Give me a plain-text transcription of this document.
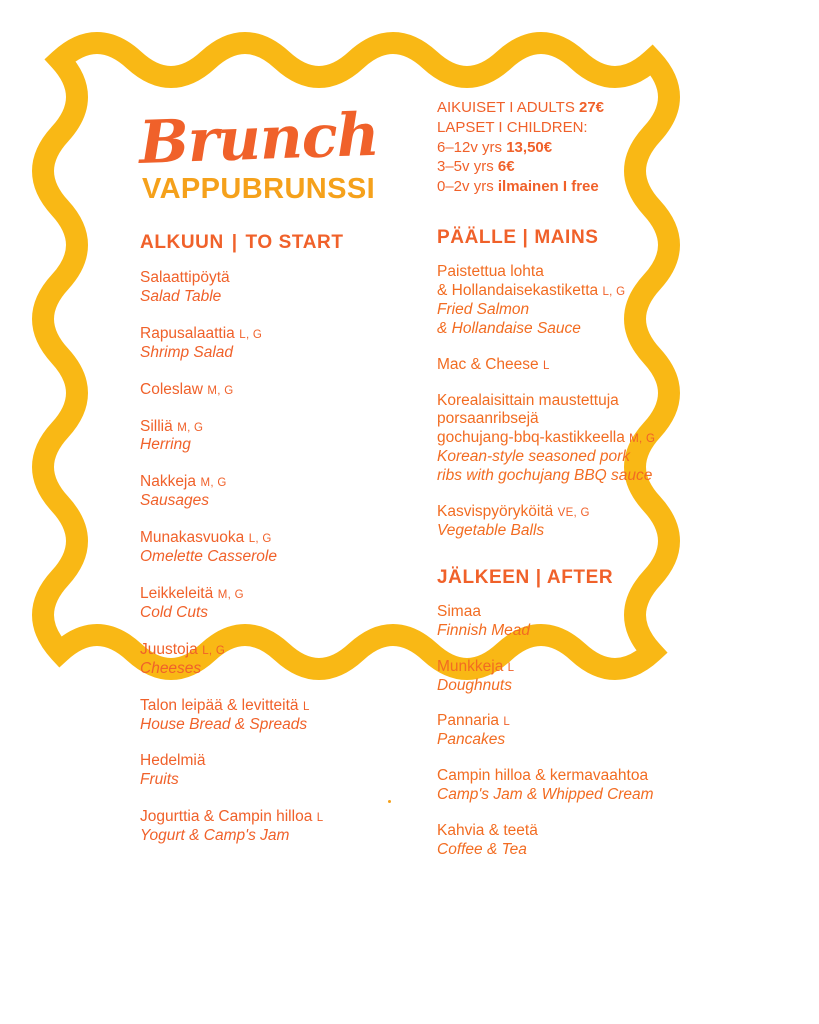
Brunch
VAPPUBRUNSSI
ALKUUN | TO START
Salaattipöytä
Salad Table
Rapusalaattia L, G
Shrimp Salad
Coleslaw M, G
Silliä M, G
Herring
Nakkeja M, G
Sausages
Munakasvuoka L, G
Omelette Casserole
Leikkeleitä M, G
Cold Cuts
Juustoja L, G
Cheeses
Talon leipää & levitteitä L
House Bread & Spreads
Hedelmiä
Fruits
Jogurttia & Campin hilloa L
Yogurt & Camp's Jam
AIKUISET I ADULTS 27€
LAPSET I CHILDREN:
6–12v yrs 13,50€
3–5v yrs 6€
0–2v yrs ilmainen I free
PÄÄLLE | MAINS
Paistettua lohta
& Hollandaisekastiketta L, G
Fried Salmon
& Hollandaise Sauce
Mac & Cheese L
Korealaisittain maustettuja
porsaanribsejä
gochujang-bbq-kastikkeella M, G
Korean-style seasoned pork
ribs with gochujang BBQ sauce
Kasvispyöryköitä VE, G
Vegetable Balls
JÄLKEEN | AFTER
Simaa
Finnish Mead
Munkkeja L
Doughnuts
Pannaria L
Pancakes
Campin hilloa & kermavaahtoa
Camp's Jam & Whipped Cream
Kahvia & teetä
Coffee & Tea
